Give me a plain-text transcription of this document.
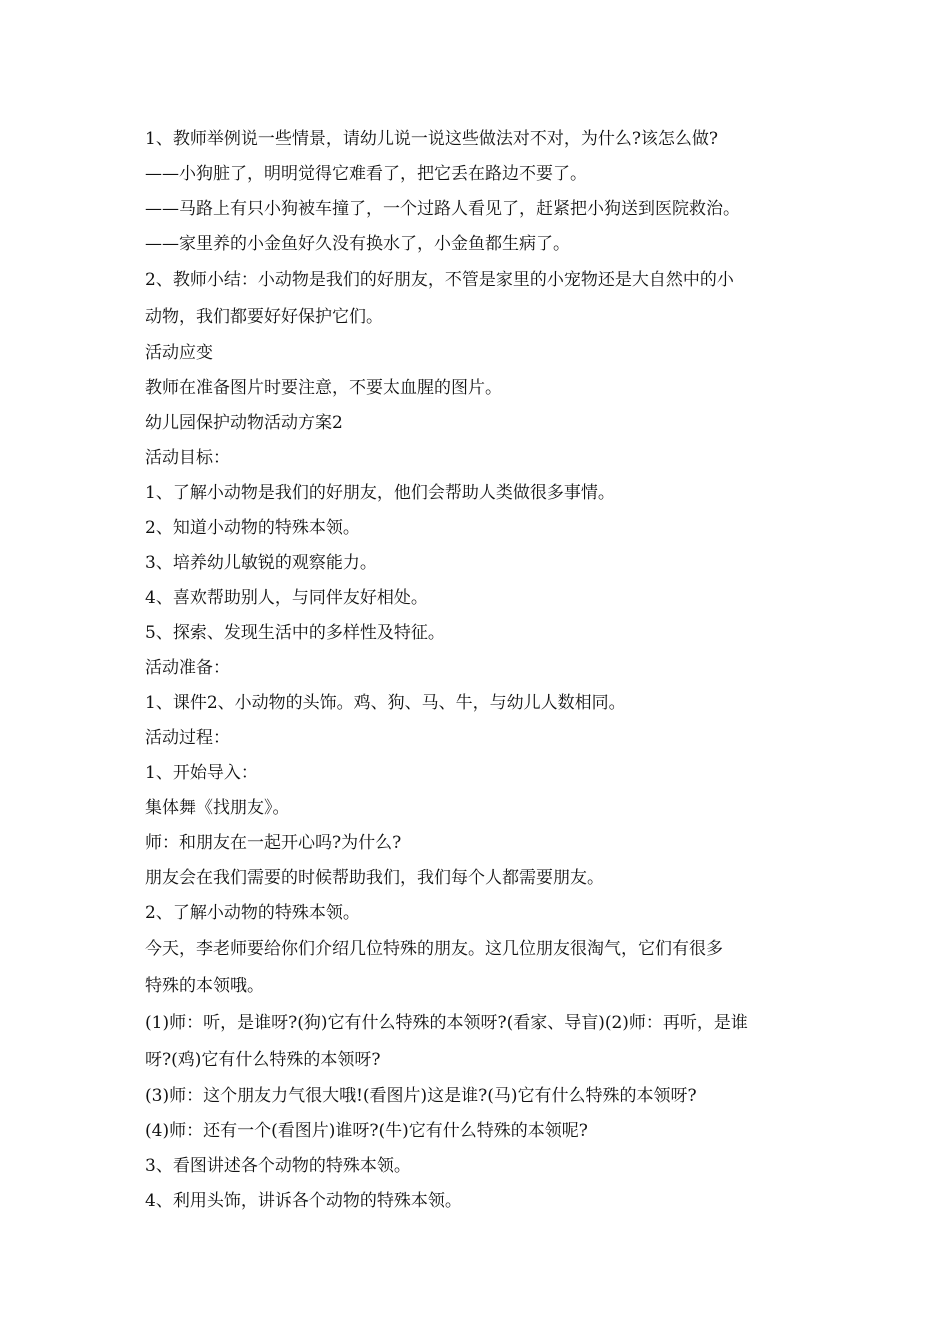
1、教师举例说一些情景，请幼儿说一说这些做法对不对，为什么?该怎么做?
——小狗脏了，明明觉得它难看了，把它丢在路边不要了。
——马路上有只小狗被车撞了，一个过路人看见了，赶紧把小狗送到医院救治。
——家里养的小金鱼好久没有换水了，小金鱼都生病了。
2、教师小结：小动物是我们的好朋友，不管是家里的小宠物还是大自然中的小
动物，我们都要好好保护它们。
活动应变
教师在准备图片时要注意，不要太血腥的图片。
幼儿园保护动物活动方案2
活动目标：
1、了解小动物是我们的好朋友，他们会帮助人类做很多事情。
2、知道小动物的特殊本领。
3、培养幼儿敏锐的观察能力。
4、喜欢帮助别人，与同伴友好相处。
5、探索、发现生活中的多样性及特征。
活动准备：
1、课件2、小动物的头饰。鸡、狗、马、牛，与幼儿人数相同。
活动过程：
1、开始导入：
集体舞《找朋友》。
师：和朋友在一起开心吗?为什么?
朋友会在我们需要的时候帮助我们，我们每个人都需要朋友。
2、了解小动物的特殊本领。
今天，李老师要给你们介绍几位特殊的朋友。这几位朋友很淘气，它们有很多
特殊的本领哦。
(1)师：听，是谁呀?(狗)它有什么特殊的本领呀?(看家、导盲)(2)师：再听，是谁
呀?(鸡)它有什么特殊的本领呀?
(3)师：这个朋友力气很大哦!(看图片)这是谁?(马)它有什么特殊的本领呀?
(4)师：还有一个(看图片)谁呀?(牛)它有什么特殊的本领呢?
3、看图讲述各个动物的特殊本领。
4、利用头饰，讲诉各个动物的特殊本领。
